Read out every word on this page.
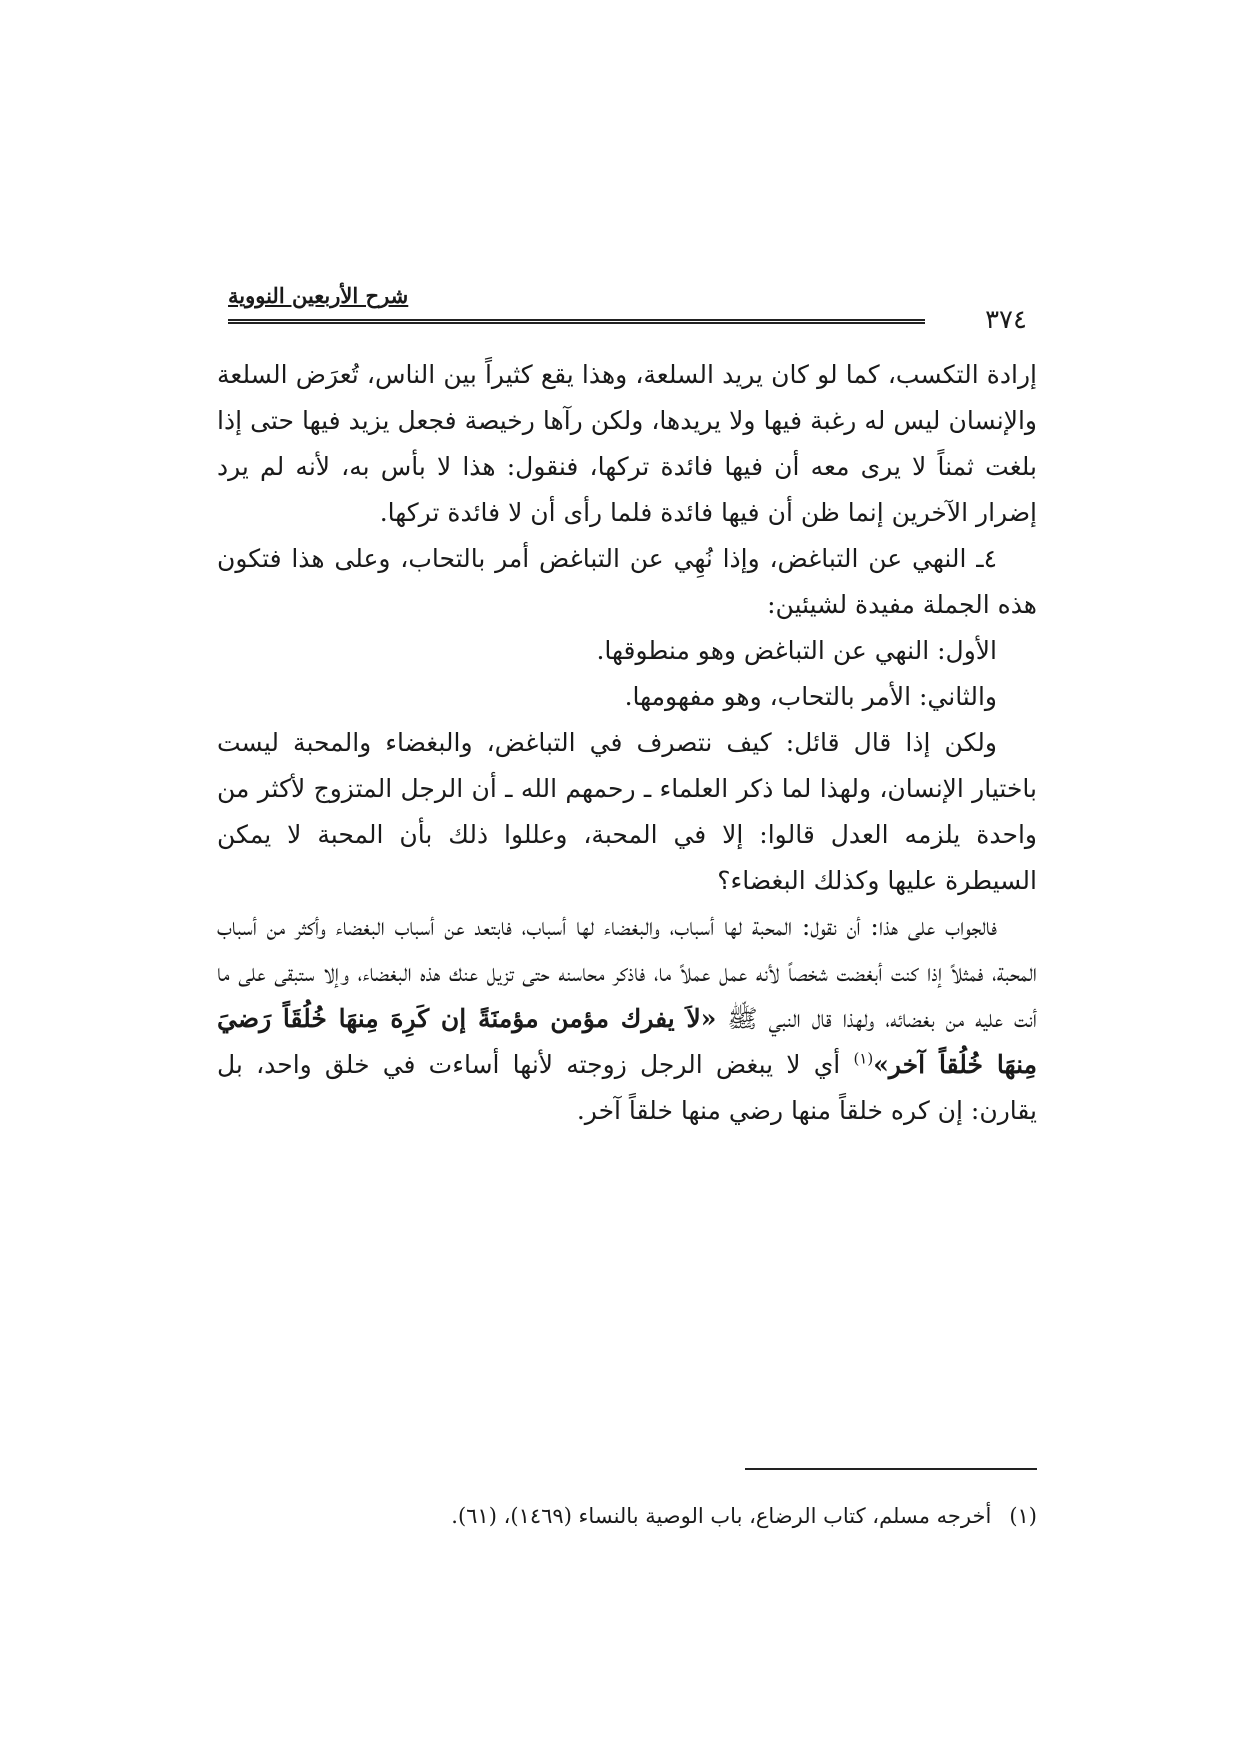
شرح الأربعين النووية
٣٧٤

إرادة التكسب، كما لو كان يريد السلعة، وهذا يقع كثيراً بين الناس، تُعرَض السلعة والإنسان ليس له رغبة فيها ولا يريدها، ولكن رآها رخيصة فجعل يزيد فيها حتى إذا بلغت ثمناً لا يرى معه أن فيها فائدة تركها، فنقول: هذا لا بأس به، لأنه لم يرد إضرار الآخرين إنما ظن أن فيها فائدة فلما رأى أن لا فائدة تركها.

٤ـ النهي عن التباغض، وإذا نُهِي عن التباغض أمر بالتحاب، وعلى هذا فتكون هذه الجملة مفيدة لشيئين:

الأول: النهي عن التباغض وهو منطوقها.

والثاني: الأمر بالتحاب، وهو مفهومها.

ولكن إذا قال قائل: كيف نتصرف في التباغض، والبغضاء والمحبة ليست باختيار الإنسان، ولهذا لما ذكر العلماء ـ رحمهم الله ـ أن الرجل المتزوج لأكثر من واحدة يلزمه العدل قالوا: إلا في المحبة، وعللوا ذلك بأن المحبة لا يمكن السيطرة عليها وكذلك البغضاء؟

فالجواب على هذا: أن نقول: المحبة لها أسباب، والبغضاء لها أسباب، فابتعد عن أسباب البغضاء وأكثر من أسباب المحبة، فمثلاً إذا كنت أبغضت شخصاً لأنه عمل عملاً ما، فاذكر محاسنه حتى تزيل عنك هذه البغضاء، وإلا ستبقى على ما أنت عليه من بغضائه، ولهذا قال النبي ﷺ «لاَ يفرك مؤمن مؤمنَةً إن كَرِهَ مِنهَا خُلُقَاً رَضيَ مِنهَا خُلُقاً آخر»$^{(١)}$ أي لا يبغض الرجل زوجته لأنها أساءت في خلق واحد، بل يقارن: إن كره خلقاً منها رضي منها خلقاً آخر.

(١)أخرجه مسلم، كتاب الرضاع، باب الوصية بالنساء (١٤٦٩)، (٦١).
